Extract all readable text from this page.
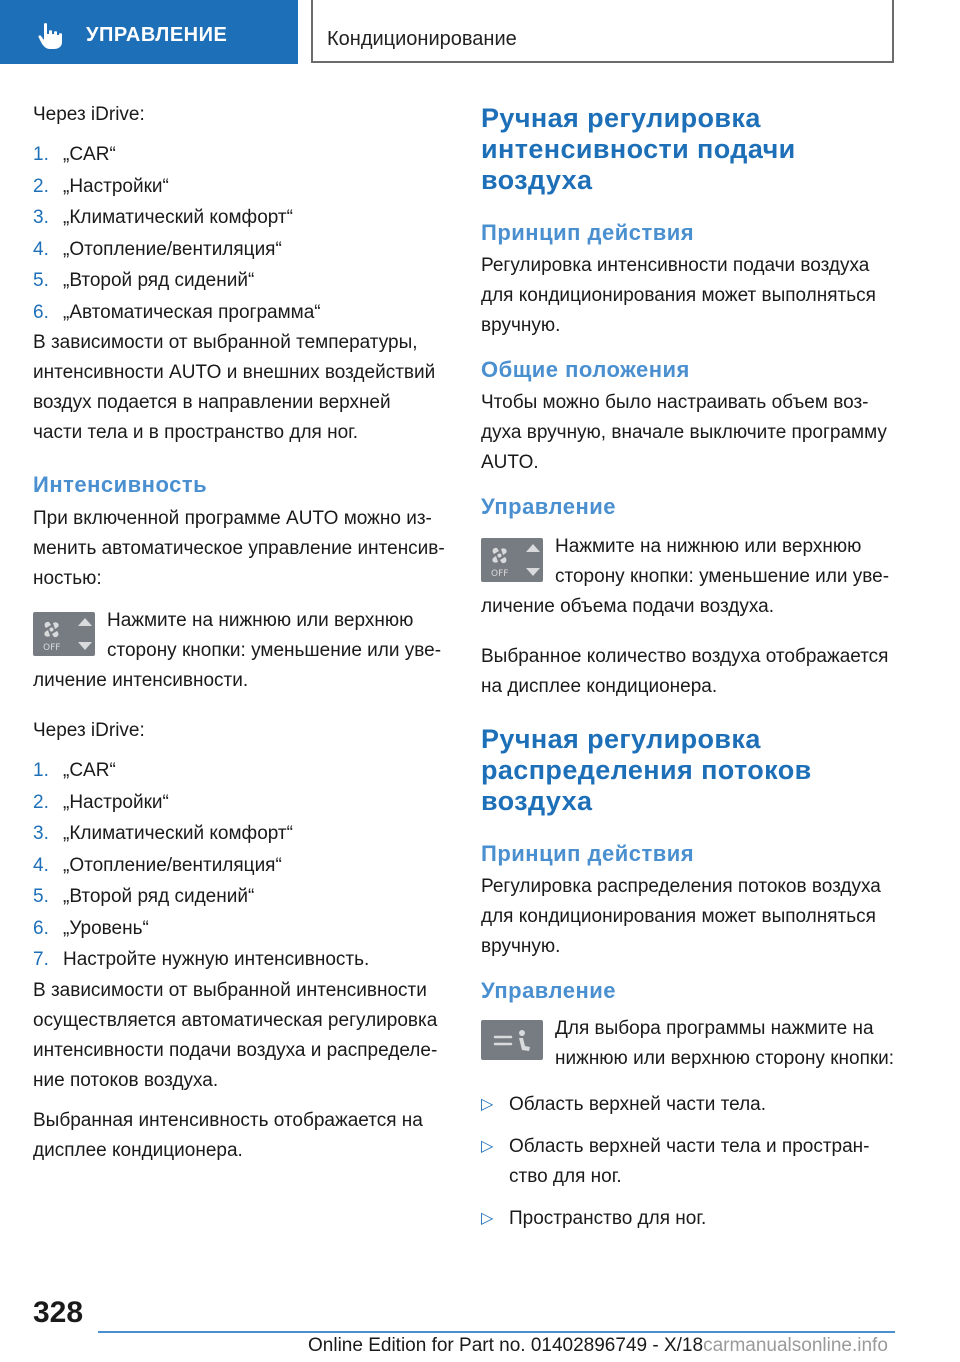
УПРАВЛЕНИЕ	Кондиционирование

Через iDrive:

1. „CAR“
2. „Настройки“
3. „Климатический комфорт“
4. „Отопление/вентиляция“
5. „Второй ряд сидений“
6. „Автоматическая программа“

В зависимости от выбранной температуры, интенсивности AUTO и внешних воздействий воздух подается в направлении верхней части тела и в пространство для ног.

Интенсивность

При включенной программе AUTO можно изменить автоматическое управление интенсивностью:

OFF

Нажмите на нижнюю или верхнюю сторону кнопки: уменьшение или увеличение интенсивности.

Через iDrive:

1. „CAR“
2. „Настройки“
3. „Климатический комфорт“
4. „Отопление/вентиляция“
5. „Второй ряд сидений“
6. „Уровень“
7. Настройте нужную интенсивность.

В зависимости от выбранной интенсивности осуществляется автоматическая регулировка интенсивности подачи воздуха и распределение потоков воздуха.

Выбранная интенсивность отображается на дисплее кондиционера.

Ручная регулировка интенсивности подачи воздуха
Принцип действия

Регулировка интенсивности подачи воздуха для кондиционирования может выполняться вручную.

Общие положения

Чтобы можно было настраивать объем воздуха вручную, вначале выключите программу AUTO.

Управление
OFF

Нажмите на нижнюю или верхнюю сторону кнопки: уменьшение или увеличение объема подачи воздуха.

Выбранное количество воздуха отображается на дисплее кондиционера.

Ручная регулировка распределения потоков воздуха
Принцип действия

Регулировка распределения потоков воздуха для кондиционирования может выполняться вручную.

Управление

Для выбора программы нажмите на нижнюю или верхнюю сторону кнопки:

▷ Область верхней части тела.
▷ Область верхней части тела и пространство для ног.
▷ Пространство для ног.
328
Online Edition for Part no. 01402896749 - X/18carmanualsonline.info
